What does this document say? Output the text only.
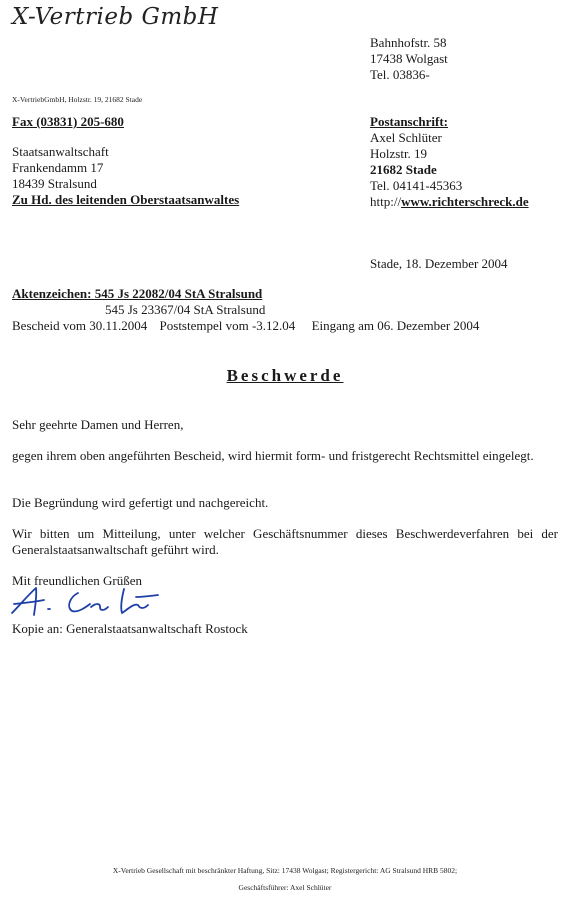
X-Vertrieb GmbH
Bahnhofstr. 58
17438 Wolgast
Tel. 03836-
X-VertriebGmbH, Holzstr. 19, 21682 Stade
Fax (03831) 205-680
Staatsanwaltschaft
Frankendamm 17
18439 Stralsund
Zu Hd. des leitenden Oberstaatsanwaltes
Postanschrift:
Axel Schlüter
Holzstr. 19
21682 Stade
Tel. 04141-45363
http://www.richterschreck.de
Stade, 18. Dezember 2004
Aktenzeichen: 545 Js 22082/04 StA Stralsund
545 Js 23367/04 StA Stralsund
Bescheid vom 30.11.2004 Poststempel vom -3.12.04 Eingang am 06. Dezember 2004
Beschwerde
Sehr geehrte Damen und Herren,
gegen ihrem oben angeführten Bescheid, wird hiermit form- und fristgerecht Rechtsmittel eingelegt.
Die Begründung wird gefertigt und nachgereicht.
Wir bitten um Mitteilung, unter welcher Geschäftsnummer dieses Beschwerdeverfahren bei der Generalstaatsanwaltschaft geführt wird.
Mit freundlichen Grüßen
Kopie an: Generalstaatsanwaltschaft Rostock
X-Vertrieb Gesellschaft mit beschränkter Haftung, Sitz: 17438 Wolgast; Registergericht: AG Stralsund HRB 5802;
Geschäftsführer: Axel Schlüter
